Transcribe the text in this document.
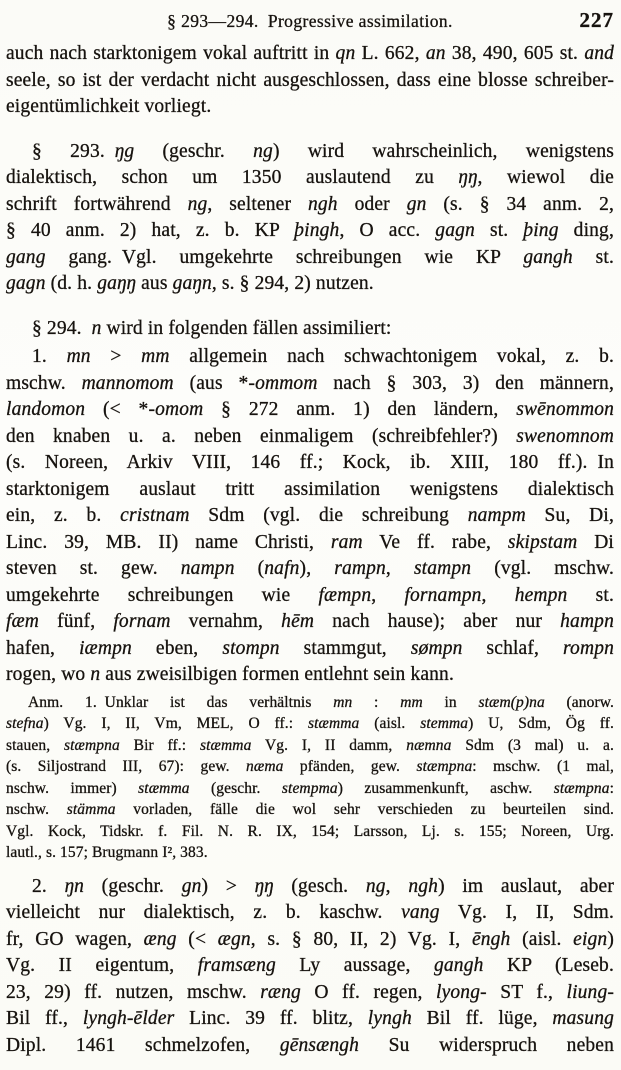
§ 293—294. Progressive assimilation.	227
auch nach starktonigem vokal auftritt in qn L. 662, an 38, 490, 605 st. and
seele, so ist der verdacht nicht ausgeschlossen, dass eine blosse schreiber-
eigentümlichkeit vorliegt.
§ 293. ŋg (geschr. ng) wird wahrscheinlich, wenigstens
dialektisch, schon um 1350 auslautend zu ŋŋ, wiewol die
schrift fortwährend ng, seltener ngh oder gn (s. § 34 anm. 2,
§ 40 anm. 2) hat, z. b. KP þingh, O acc. gagn st. þing ding,
gang gang. Vgl. umgekehrte schreibungen wie KP gangh st.
gagn (d. h. gaŋŋ aus gaŋn, s. § 294, 2) nutzen.
§ 294. n wird in folgenden fällen assimiliert:
1. mn > mm allgemein nach schwachtonigem vokal, z. b.
mschw. mannomom (aus *-ommom nach § 303, 3) den männern,
landomon (< *-omom § 272 anm. 1) den ländern, swēnommon
den knaben u. a. neben einmaligem (schreibfehler?) swenomnom
(s. Noreen, Arkiv VIII, 146 ff.; Kock, ib. XIII, 180 ff.). In
starktonigem auslaut tritt assimilation wenigstens dialektisch
ein, z. b. cristnam Sdm (vgl. die schreibung nampm Su, Di,
Linc. 39, MB. II) name Christi, ram Ve ff. rabe, skipstam Di
steven st. gew. nampn (nafn), rampn, stampn (vgl. mschw.
umgekehrte schreibungen wie fæmpn, fornampn, hempn st.
fæm fünf, fornam vernahm, hēm nach hause); aber nur hampn
hafen, iæmpn eben, stompn stammgut, sømpn schlaf, rompn
rogen, wo n aus zweisilbigen formen entlehnt sein kann.
Anm. 1. Unklar ist das verhältnis mn : mm in stæm(p)na (anorw.
stefna) Vg. I, II, Vm, MEL, O ff.: stæmma (aisl. stemma) U, Sdm, Ög ff.
stauen, stæmpna Bir ff.: stæmma Vg. I, II damm, næmna Sdm (3 mal) u. a.
(s. Siljostrand III, 67): gew. næma pfänden, gew. stæmpna: mschw. (1 mal,
nschw. immer) stæmma (geschr. stempma) zusammenkunft, aschw. stæmpna:
nschw. stämma vorladen, fälle die wol sehr verschieden zu beurteilen sind.
Vgl. Kock, Tidskr. f. Fil. N. R. IX, 154; Larsson, Lj. s. 155; Noreen, Urg.
lautl., s. 157; Brugmann I², 383.
2. ŋn (geschr. gn) > ŋŋ (gesch. ng, ngh) im auslaut, aber
vielleicht nur dialektisch, z. b. kaschw. vang Vg. I, II, Sdm.
fr, GO wagen, æng (< ægn, s. § 80, II, 2) Vg. I, ēngh (aisl. eign)
Vg. II eigentum, framsæng Ly aussage, gangh KP (Leseb.
23, 29) ff. nutzen, mschw. ræng O ff. regen, lyong- ST f., liung-
Bil ff., lyngh-ēlder Linc. 39 ff. blitz, lyngh Bil ff. lüge, masung
Dipl. 1461 schmelzofen, gēnsængh Su widerspruch neben
